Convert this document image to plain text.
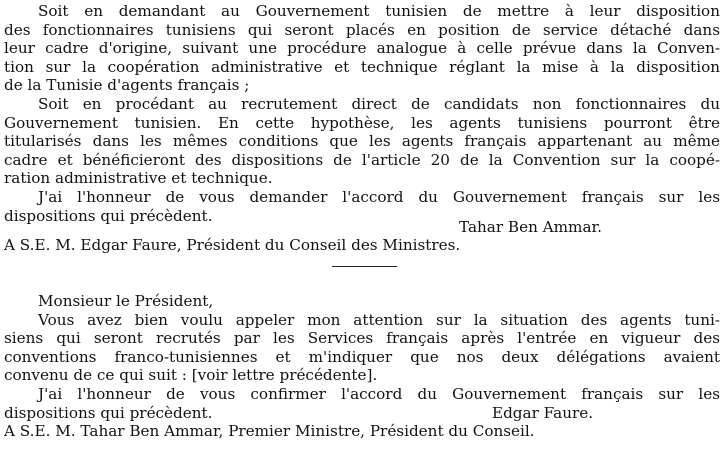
Soit en demandant au Gouvernement tunisien de mettre à leur disposition
des fonctionnaires tunisiens qui seront placés en position de service détaché dans
leur cadre d'origine, suivant une procédure analogue à celle prévue dans la Conven-
tion sur la coopération administrative et technique réglant la mise à la disposition
de la Tunisie d'agents français ;
Soit en procédant au recrutement direct de candidats non fonctionnaires du
Gouvernement tunisien. En cette hypothèse, les agents tunisiens pourront être
titularisés dans les mêmes conditions que les agents français appartenant au même
cadre et bénéficieront des dispositions de l'article 20 de la Convention sur la coopé-
ration administrative et technique.
J'ai l'honneur de vous demander l'accord du Gouvernement français sur les
dispositions qui précèdent.
Tahar Ben Ammar.
A S.E. M. Edgar Faure, Président du Conseil des Ministres.
Monsieur le Président,
Vous avez bien voulu appeler mon attention sur la situation des agents tuni-
siens qui seront recrutés par les Services français après l'entrée en vigueur des
conventions franco-tunisiennes et m'indiquer que nos deux délégations avaient
convenu de ce qui suit : [voir lettre précédente].
J'ai l'honneur de vous confirmer l'accord du Gouvernement français sur les
dispositions qui précèdent.	Edgar Faure.
A S.E. M. Tahar Ben Ammar, Premier Ministre, Président du Conseil.
